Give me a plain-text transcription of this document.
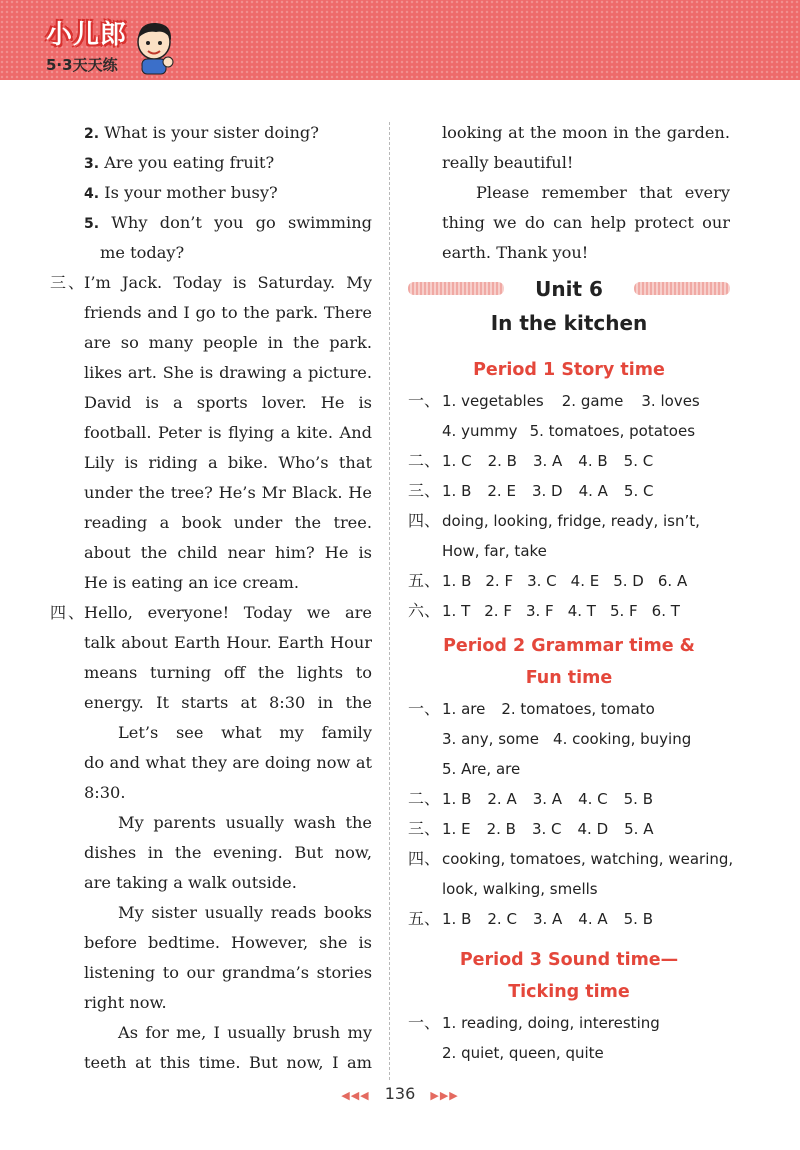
小儿郎
5·3天天练
2. What is your sister doing?
3. Are you eating fruit?
4. Is your mother busy?
5. Why don’t you go swimming
me today?
三、I’m Jack. Today is Saturday. My
friends and I go to the park. There
are so many people in the park.
likes art. She is drawing a picture.
David is a sports lover. He is
football. Peter is flying a kite. And
Lily is riding a bike. Who’s that
under the tree? He’s Mr Black. He
reading a book under the tree.
about the child near him? He is
He is eating an ice cream.
四、Hello, everyone! Today we are
talk about Earth Hour. Earth Hour
means turning off the lights to
energy. It starts at 8:30 in the
Let’s see what my family
do and what they are doing now at
8:30.
My parents usually wash the
dishes in the evening. But now,
are taking a walk outside.
My sister usually reads books
before bedtime. However, she is
listening to our grandma’s stories
right now.
As for me, I usually brush my
teeth at this time. But now, I am
looking at the moon in the garden.
really beautiful!
Please remember that every
thing we do can help protect our
earth. Thank you!
Unit 6
In the kitchen
Period 1 Story time
一、 1. vegetables 2. game 3. loves
4. yummy 5. tomatoes, potatoes
二、 1. C 2. B 3. A 4. B 5. C
三、 1. B 2. E 3. D 4. A 5. C
四、 doing, looking, fridge, ready, isn’t,
How, far, take
五、 1. B 2. F 3. C 4. E 5. D 6. A
六、 1. T 2. F 3. F 4. T 5. F 6. T
Period 2 Grammar time &
Fun time
一、 1. are 2. tomatoes, tomato
3. any, some 4. cooking, buying
5. Are, are
二、 1. B 2. A 3. A 4. C 5. B
三、 1. E 2. B 3. C 4. D 5. A
四、 cooking, tomatoes, watching, wearing,
look, walking, smells
五、 1. B 2. C 3. A 4. A 5. B
Period 3 Sound time—
Ticking time
一、 1. reading, doing, interesting
2. quiet, queen, quite
◀◀◀ 136 ▶▶▶
